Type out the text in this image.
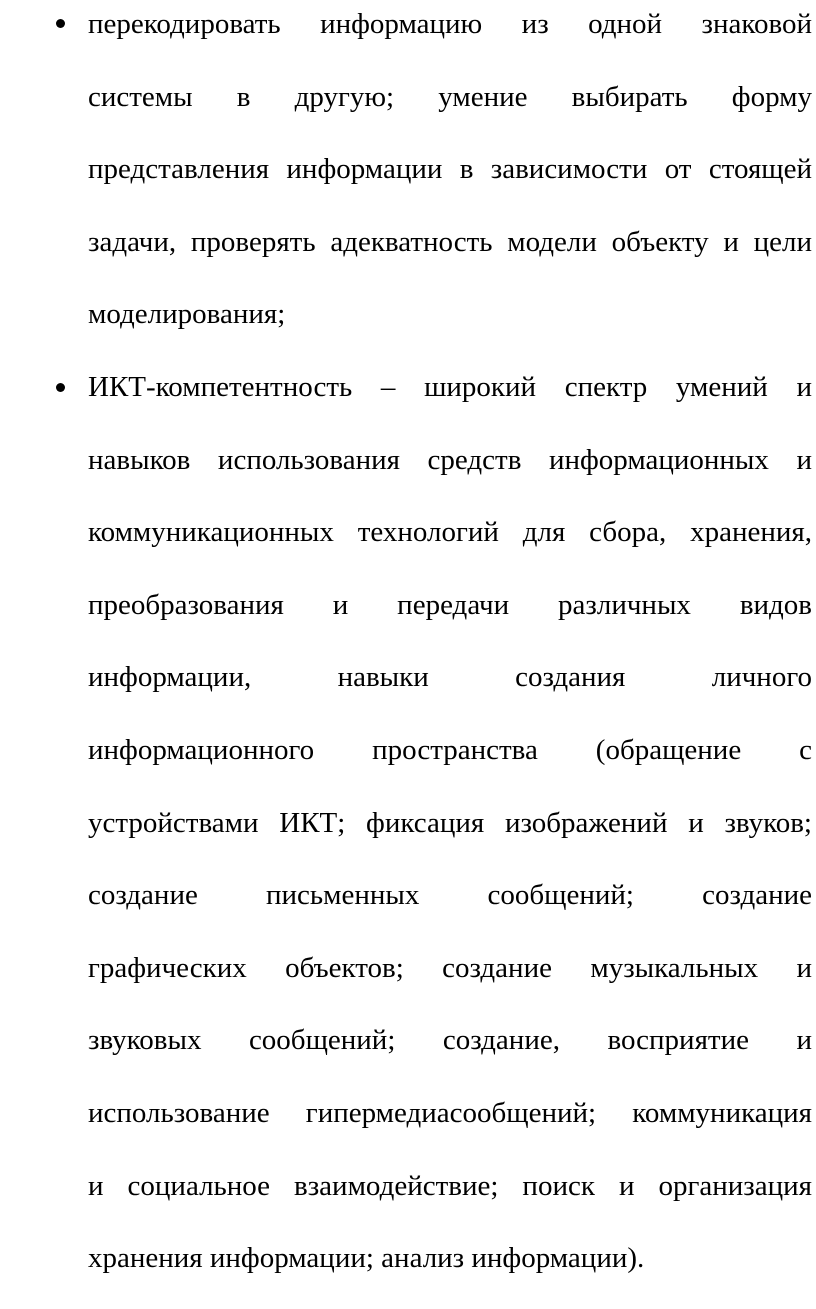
перекодировать информацию из одной знаковой
системы в другую; умение выбирать форму
представления информации в зависимости от стоящей
задачи, проверять адекватность модели объекту и цели
моделирования;
ИКТ-компетентность – широкий спектр умений и
навыков использования средств информационных и
коммуникационных технологий для сбора, хранения,
преобразования и передачи различных видов
информации, навыки создания личного
информационного пространства (обращение с
устройствами ИКТ; фиксация изображений и звуков;
создание письменных сообщений; создание
графических объектов; создание музыкальных и
звуковых сообщений; создание, восприятие и
использование гипермедиасообщений; коммуникация
и социальное взаимодействие; поиск и организация
хранения информации; анализ информации).
